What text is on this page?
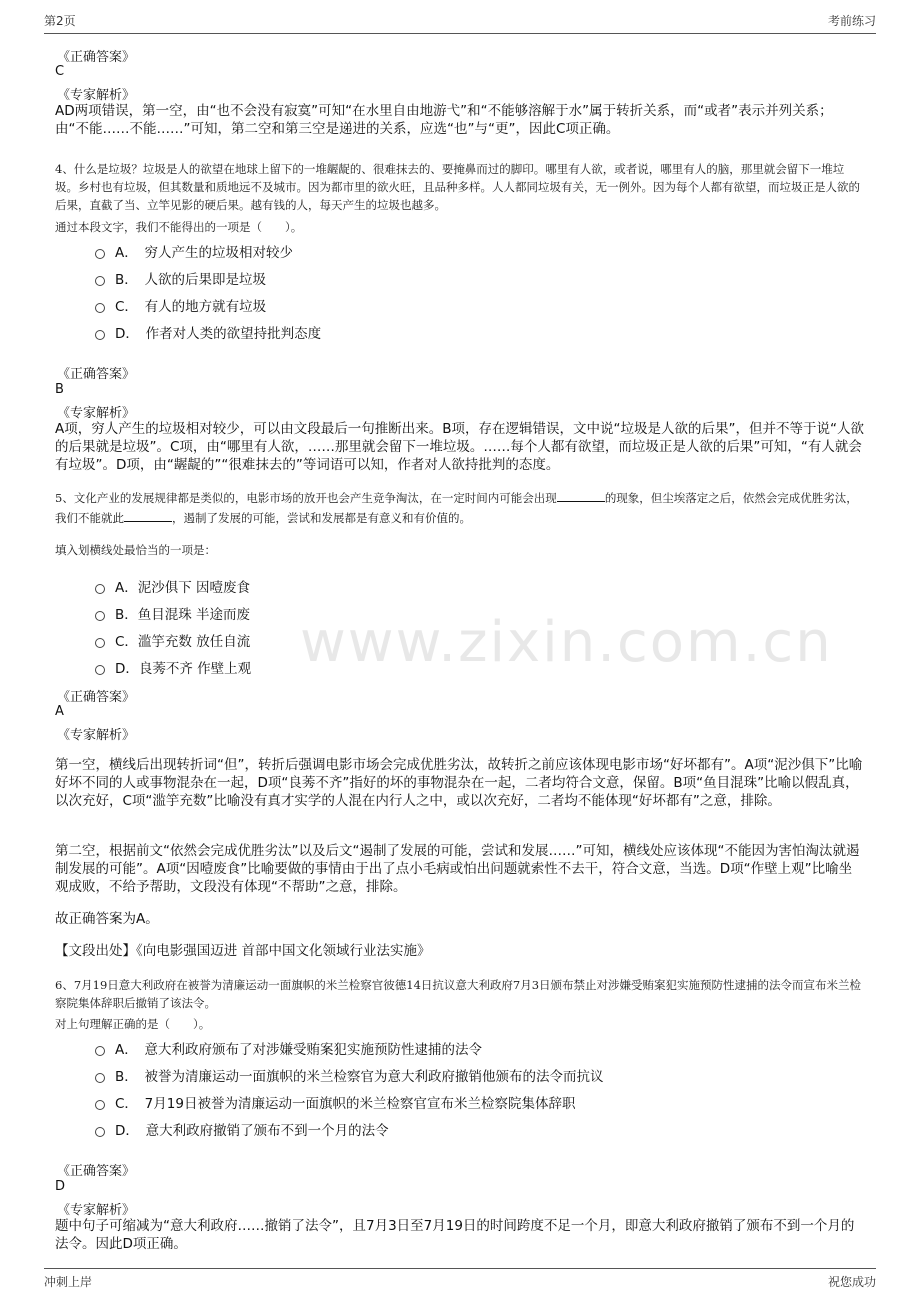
第2页	考前练习
www.zixin.com.cn
《正确答案》
C
《专家解析》
AD两项错误，第一空，由“也不会没有寂寞”可知“在水里自由地游弋”和“不能够溶解于水”属于转折关系，而“或者”表示并列关系；由“不能……不能……”可知，第二空和第三空是递进的关系，应选“也”与“更”，因此C项正确。
4、什么是垃圾？垃圾是人的欲望在地球上留下的一堆龌龊的、很难抹去的、要掩鼻而过的脚印。哪里有人欲，或者说，哪里有人的脑，那里就会留下一堆垃圾。乡村也有垃圾，但其数量和质地远不及城市。因为都市里的欲火旺，且品种多样。人人都同垃圾有关，无一例外。因为每个人都有欲望，而垃圾正是人欲的后果，直截了当、立竿见影的硬后果。越有钱的人，每天产生的垃圾也越多。
通过本段文字，我们不能得出的一项是（　　）。
A．　穷人产生的垃圾相对较少
B．　人欲的后果即是垃圾
C．　有人的地方就有垃圾
D．　作者对人类的欲望持批判态度
《正确答案》
B
《专家解析》
A项，穷人产生的垃圾相对较少，可以由文段最后一句推断出来。B项，存在逻辑错误，文中说“垃圾是人欲的后果”，但并不等于说“人欲的后果就是垃圾”。C项，由“哪里有人欲，……那里就会留下一堆垃圾。……每个人都有欲望，而垃圾正是人欲的后果”可知，“有人就会有垃圾”。D项，由“龌龊的”“很难抹去的”等词语可以知，作者对人欲持批判的态度。
5、文化产业的发展规律都是类似的，电影市场的放开也会产生竞争淘汰，在一定时间内可能会出现	的现象，但尘埃落定之后，依然会完成优胜劣汰，我们不能就此	，遏制了发展的可能，尝试和发展都是有意义和有价值的。
填入划横线处最恰当的一项是：
A．泥沙俱下 因噎废食
B．鱼目混珠 半途而废
C．滥竽充数 放任自流
D．良莠不齐 作壁上观
《正确答案》
A
《专家解析》
第一空，横线后出现转折词“但”，转折后强调电影市场会完成优胜劣汰，故转折之前应该体现电影市场“好坏都有”。A项“泥沙俱下”比喻好坏不同的人或事物混杂在一起，D项“良莠不齐”指好的坏的事物混杂在一起，二者均符合文意，保留。B项“鱼目混珠”比喻以假乱真，以次充好，C项“滥竽充数”比喻没有真才实学的人混在内行人之中，或以次充好，二者均不能体现“好坏都有”之意，排除。
第二空，根据前文“依然会完成优胜劣汰”以及后文“遏制了发展的可能，尝试和发展……”可知，横线处应该体现“不能因为害怕淘汰就遏制发展的可能”。A项“因噎废食”比喻要做的事情由于出了点小毛病或怕出问题就索性不去干，符合文意，当选。D项“作壁上观”比喻坐观成败，不给予帮助，文段没有体现“不帮助”之意，排除。
故正确答案为A。
【文段出处】《向电影强国迈进 首部中国文化领域行业法实施》
6、7月19日意大利政府在被誉为清廉运动一面旗帜的米兰检察官彼德14日抗议意大利政府7月3日颁布禁止对涉嫌受贿案犯实施预防性逮捕的法令而宣布米兰检察院集体辞职后撤销了该法令。
对上句理解正确的是（　　）。
A．　意大利政府颁布了对涉嫌受贿案犯实施预防性逮捕的法令
B．　被誉为清廉运动一面旗帜的米兰检察官为意大利政府撤销他颁布的法令而抗议
C．　7月19日被誉为清廉运动一面旗帜的米兰检察官宣布米兰检察院集体辞职
D．　意大利政府撤销了颁布不到一个月的法令
《正确答案》
D
《专家解析》
题中句子可缩减为“意大利政府……撤销了法令”，且7月3日至7月19日的时间跨度不足一个月，即意大利政府撤销了颁布不到一个月的法令。因此D项正确。
冲刺上岸	祝您成功
